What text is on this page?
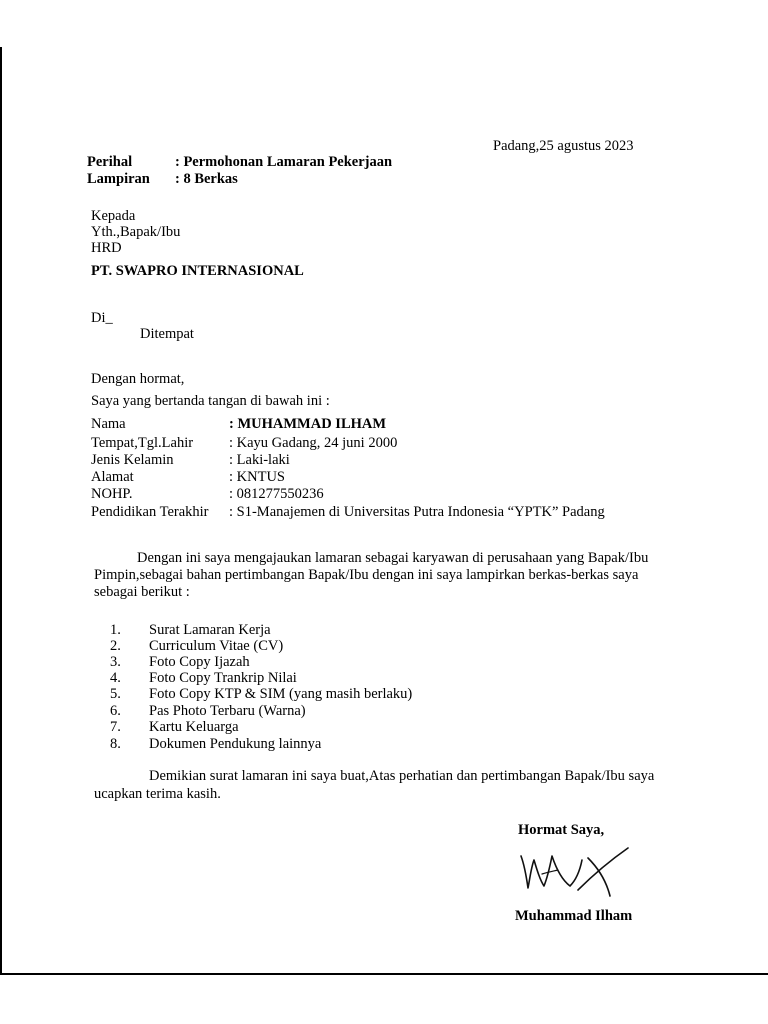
Padang,25 agustus 2023
Perihal	: Permohonan Lamaran Pekerjaan
Lampiran : 8 Berkas
Kepada
Yth.,Bapak/Ibu
HRD
PT. SWAPRO INTERNASIONAL
Di_
Ditempat
Dengan hormat,
Saya yang bertanda tangan di bawah ini :
Nama	: MUHAMMAD ILHAM
Tempat,Tgl.Lahir : Kayu Gadang, 24 juni 2000
Jenis Kelamin	: Laki-laki
Alamat	: KNTUS
NOHP.	: 081277550236
Pendidikan Terakhir : S1-Manajemen di Universitas Putra Indonesia “YPTK” Padang
Dengan ini saya mengajaukan lamaran sebagai karyawan di perusahaan yang Bapak/Ibu
Pimpin,sebagai bahan pertimbangan Bapak/Ibu dengan ini saya lampirkan berkas-berkas saya
sebagai berikut :
1. Surat Lamaran Kerja
2. Curriculum Vitae (CV)
3. Foto Copy Ijazah
4. Foto Copy Trankrip Nilai
5. Foto Copy KTP & SIM (yang masih berlaku)
6. Pas Photo Terbaru (Warna)
7. Kartu Keluarga
8. Dokumen Pendukung lainnya
Demikian surat lamaran ini saya buat,Atas perhatian dan pertimbangan Bapak/Ibu saya
ucapkan terima kasih.
Hormat Saya,
Muhammad Ilham
